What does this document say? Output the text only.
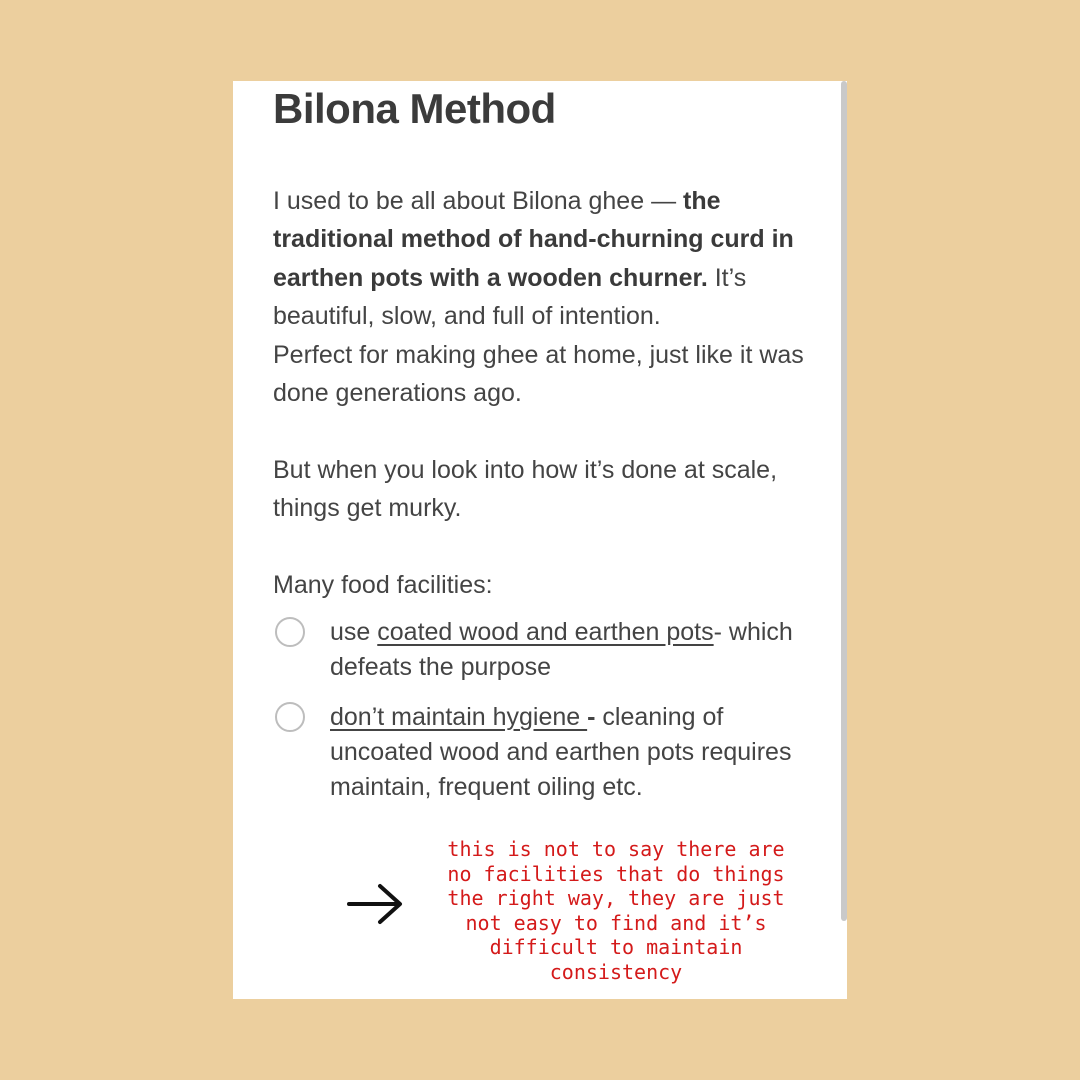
Bilona Method

I used to be all about Bilona ghee — the traditional method of hand-churning curd in earthen pots with a wooden churner. It’s beautiful, slow, and full of intention.
Perfect for making ghee at home, just like it was done generations ago.

But when you look into how it’s done at scale, things get murky.

Many food facilities:

use coated wood and earthen pots- which defeats the purpose
don’t maintain hygiene - cleaning of uncoated wood and earthen pots requires maintain, frequent oiling etc.

this is not to say there are no facilities that do things the right way, they are just not easy to find and it’s difficult to maintain consistency
